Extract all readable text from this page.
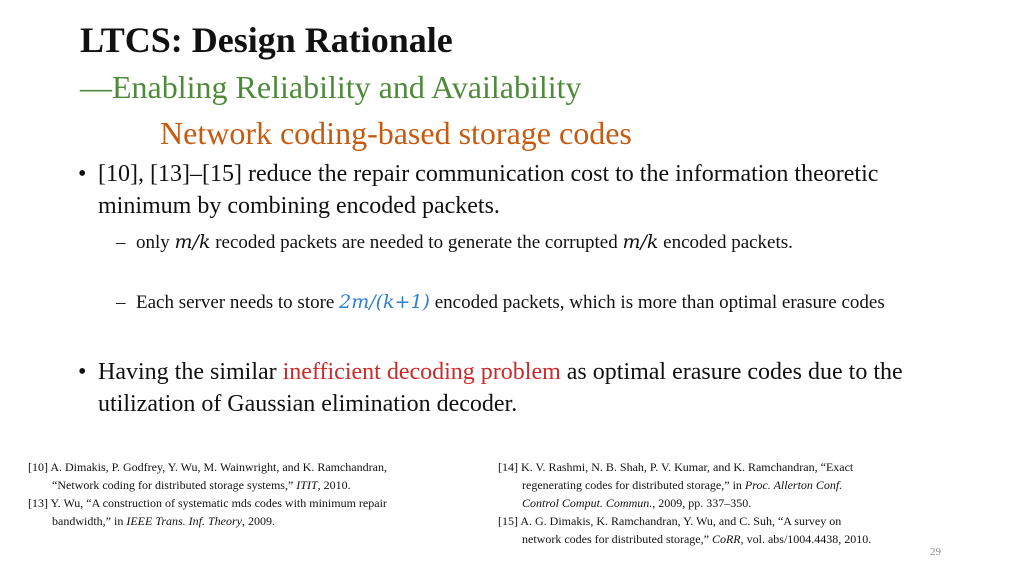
LTCS: Design Rationale
—Enabling Reliability and Availability
Network coding-based storage codes
• [10], [13]–[15] reduce the repair communication cost to the information theoretic minimum by combining encoded packets.
– only m/k recoded packets are needed to generate the corrupted m/k encoded packets.
– Each server needs to store 2m/(k+1) encoded packets, which is more than optimal erasure codes
• Having the similar inefficient decoding problem as optimal erasure codes due to the utilization of Gaussian elimination decoder.
[10] A. Dimakis, P. Godfrey, Y. Wu, M. Wainwright, and K. Ramchandran,
“Network coding for distributed storage systems,” ITIT, 2010.
[13] Y. Wu, “A construction of systematic mds codes with minimum repair
bandwidth,” in IEEE Trans. Inf. Theory, 2009.
[14] K. V. Rashmi, N. B. Shah, P. V. Kumar, and K. Ramchandran, “Exact
regenerating codes for distributed storage,” in Proc. Allerton Conf.
Control Comput. Commun., 2009, pp. 337–350.
[15] A. G. Dimakis, K. Ramchandran, Y. Wu, and C. Suh, “A survey on
network codes for distributed storage,” CoRR, vol. abs/1004.4438, 2010.
29
